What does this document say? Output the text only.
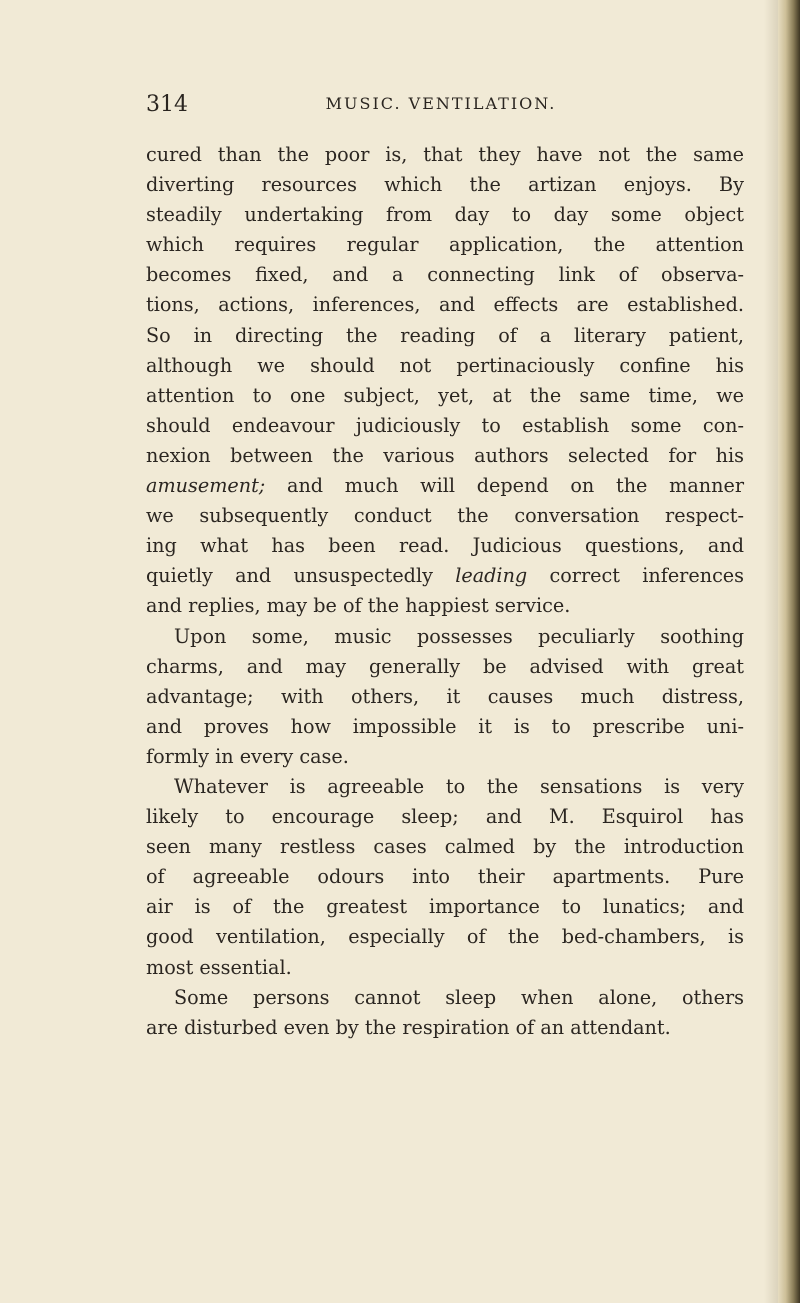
314	MUSIC. VENTILATION.
cured than the poor is, that they have not the same
diverting resources which the artizan enjoys. By
steadily undertaking from day to day some object
which requires regular application, the attention
becomes fixed, and a connecting link of observa-
tions, actions, inferences, and effects are established.
So in directing the reading of a literary patient,
although we should not pertinaciously confine his
attention to one subject, yet, at the same time, we
should endeavour judiciously to establish some con-
nexion between the various authors selected for his
amusement; and much will depend on the manner
we subsequently conduct the conversation respect-
ing what has been read. Judicious questions, and
quietly and unsuspectedly leading correct inferences
and replies, may be of the happiest service.
Upon some, music possesses peculiarly soothing
charms, and may generally be advised with great
advantage; with others, it causes much distress,
and proves how impossible it is to prescribe uni-
formly in every case.
Whatever is agreeable to the sensations is very
likely to encourage sleep; and M. Esquirol has
seen many restless cases calmed by the introduction
of agreeable odours into their apartments. Pure
air is of the greatest importance to lunatics; and
good ventilation, especially of the bed-chambers, is
most essential.
Some persons cannot sleep when alone, others
are disturbed even by the respiration of an attendant.
